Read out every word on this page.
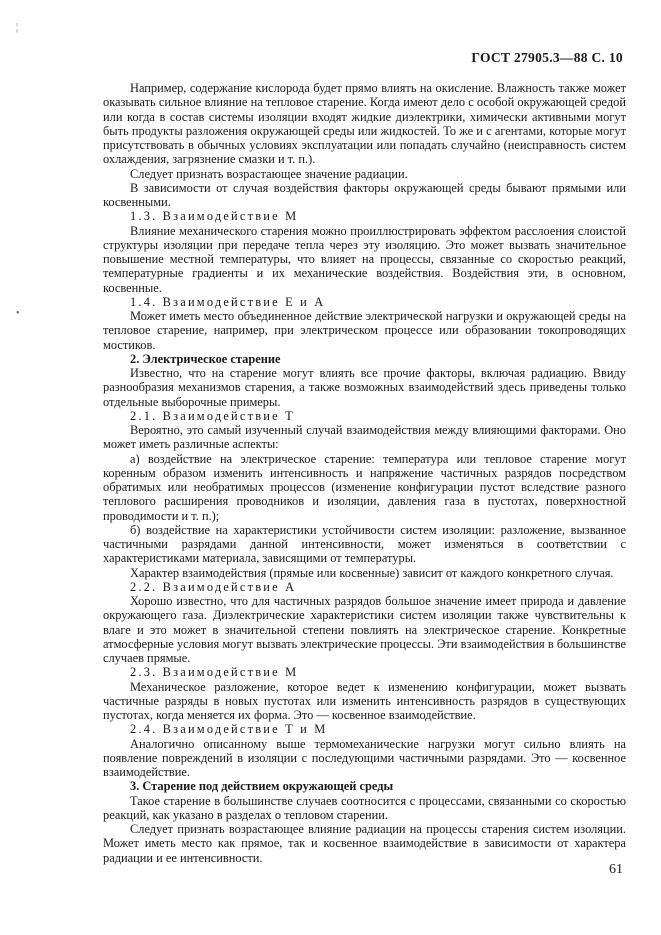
ГОСТ 27905.3—88 С. 10

Например, содержание кислорода будет прямо влиять на окисление. Влажность также может оказывать сильное влияние на тепловое старение. Когда имеют дело с особой окружающей средой или когда в состав системы изоляции входят жидкие диэлектрики, химически активными могут быть продукты разложения окружающей среды или жидкостей. То же и с агентами, которые могут присутствовать в обычных условиях эксплуатации или попадать случайно (неисправность систем охлаждения, загрязнение смазки и т. п.).

Следует признать возрастающее значение радиации.

В зависимости от случая воздействия факторы окружающей среды бывают прямыми или косвенными.

1.3. Взаимодействие М

Влияние механического старения можно проиллюстрировать эффектом расслоения слоистой структуры изоляции при передаче тепла через эту изоляцию. Это может вызвать значительное повышение местной температуры, что влияет на процессы, связанные со скоростью реакций, температурные градиенты и их механические воздействия. Воздействия эти, в основном, косвенные.

1.4. Взаимодействие Е и А

Может иметь место объединенное действие электрической нагрузки и окружающей среды на тепловое старение, например, при электрическом процессе или образовании токопроводящих мостиков.

2. Электрическое старение

Известно, что на старение могут влиять все прочие факторы, включая радиацию. Ввиду разнообразия механизмов старения, а также возможных взаимодействий здесь приведены только отдельные выборочные примеры.

2.1. Взаимодействие Т

Вероятно, это самый изученный случай взаимодействия между влияющими факторами. Оно может иметь различные аспекты:

а) воздействие на электрическое старение: температура или тепловое старение могут коренным образом изменить интенсивность и напряжение частичных разрядов посредством обратимых или необратимых процессов (изменение конфигурации пустот вследствие разного теплового расширения проводников и изоляции, давления газа в пустотах, поверхностной проводимости и т. п.);

б) воздействие на характеристики устойчивости систем изоляции: разложение, вызванное частичными разрядами данной интенсивности, может изменяться в соответствии с характеристиками материала, зависящими от температуры.

Характер взаимодействия (прямые или косвенные) зависит от каждого конкретного случая.

2.2. Взаимодействие А

Хорошо известно, что для частичных разрядов большое значение имеет природа и давление окружающего газа. Диэлектрические характеристики систем изоляции также чувствительны к влаге и это может в значительной степени повлиять на электрическое старение. Конкретные атмосферные условия могут вызвать электрические процессы. Эти взаимодействия в большинстве случаев прямые.

2.3. Взаимодействие М

Механическое разложение, которое ведет к изменению конфигурации, может вызвать частичные разряды в новых пустотах или изменить интенсивность разрядов в существующих пустотах, когда меняется их форма. Это — косвенное взаимодействие.

2.4. Взаимодействие Т и М

Аналогично описанному выше термомеханические нагрузки могут сильно влиять на появление повреждений в изоляции с последующими частичными разрядами. Это — косвенное взаимодействие.

3. Старение под действием окружающей среды

Такое старение в большинстве случаев соотносится с процессами, связанными со скоростью реакций, как указано в разделах о тепловом старении.

Следует признать возрастающее влияние радиации на процессы старения систем изоляции. Может иметь место как прямое, так и косвенное взаимодействие в зависимости от характера радиации и ее интенсивности.

61
¦
•
